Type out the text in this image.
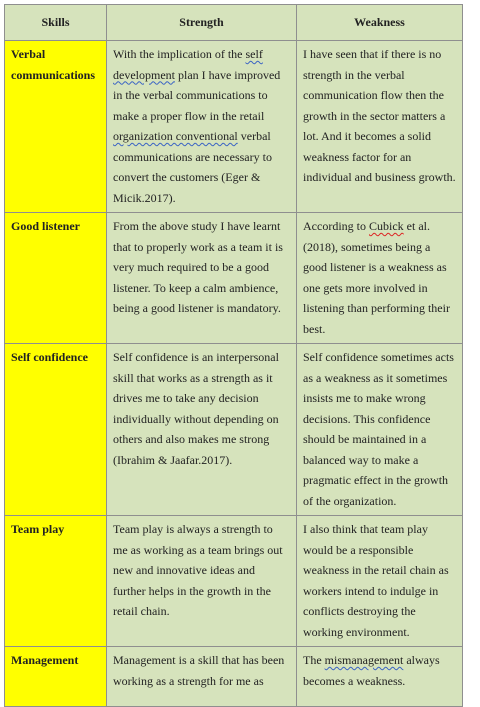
Skills	Strength	Weakness
Verbal communications	With the implication of the self development plan I have improved in the verbal communications to make a proper flow in the retail organization conventional verbal communications are necessary to convert the customers (Eger & Micik.2017).	I have seen that if there is no strength in the verbal communication flow then the growth in the sector matters a lot. And it becomes a solid weakness factor for an individual and business growth.
Good listener	From the above study I have learnt that to properly work as a team it is very much required to be a good listener. To keep a calm ambience, being a good listener is mandatory.	According to Cubick et al.(2018), sometimes being a good listener is a weakness as one gets more involved in listening than performing their best.
Self confidence	Self confidence is an interpersonal skill that works as a strength as it drives me to take any decision individually without depending on others and also makes me strong (Ibrahim & Jaafar.2017).	Self confidence sometimes acts as a weakness as it sometimes insists me to make wrong decisions. This confidence should be maintained in a balanced way to make a pragmatic effect in the growth of the organization.
Team play	Team play is always a strength to me as working as a team brings out new and innovative ideas and further helps in the growth in the retail chain.	I also think that team play would be a responsible weakness in the retail chain as workers intend to indulge in conflicts destroying the working environment.
Management	Management is a skill that has been working as a strength for me as	The mismanagement always becomes a weakness.
